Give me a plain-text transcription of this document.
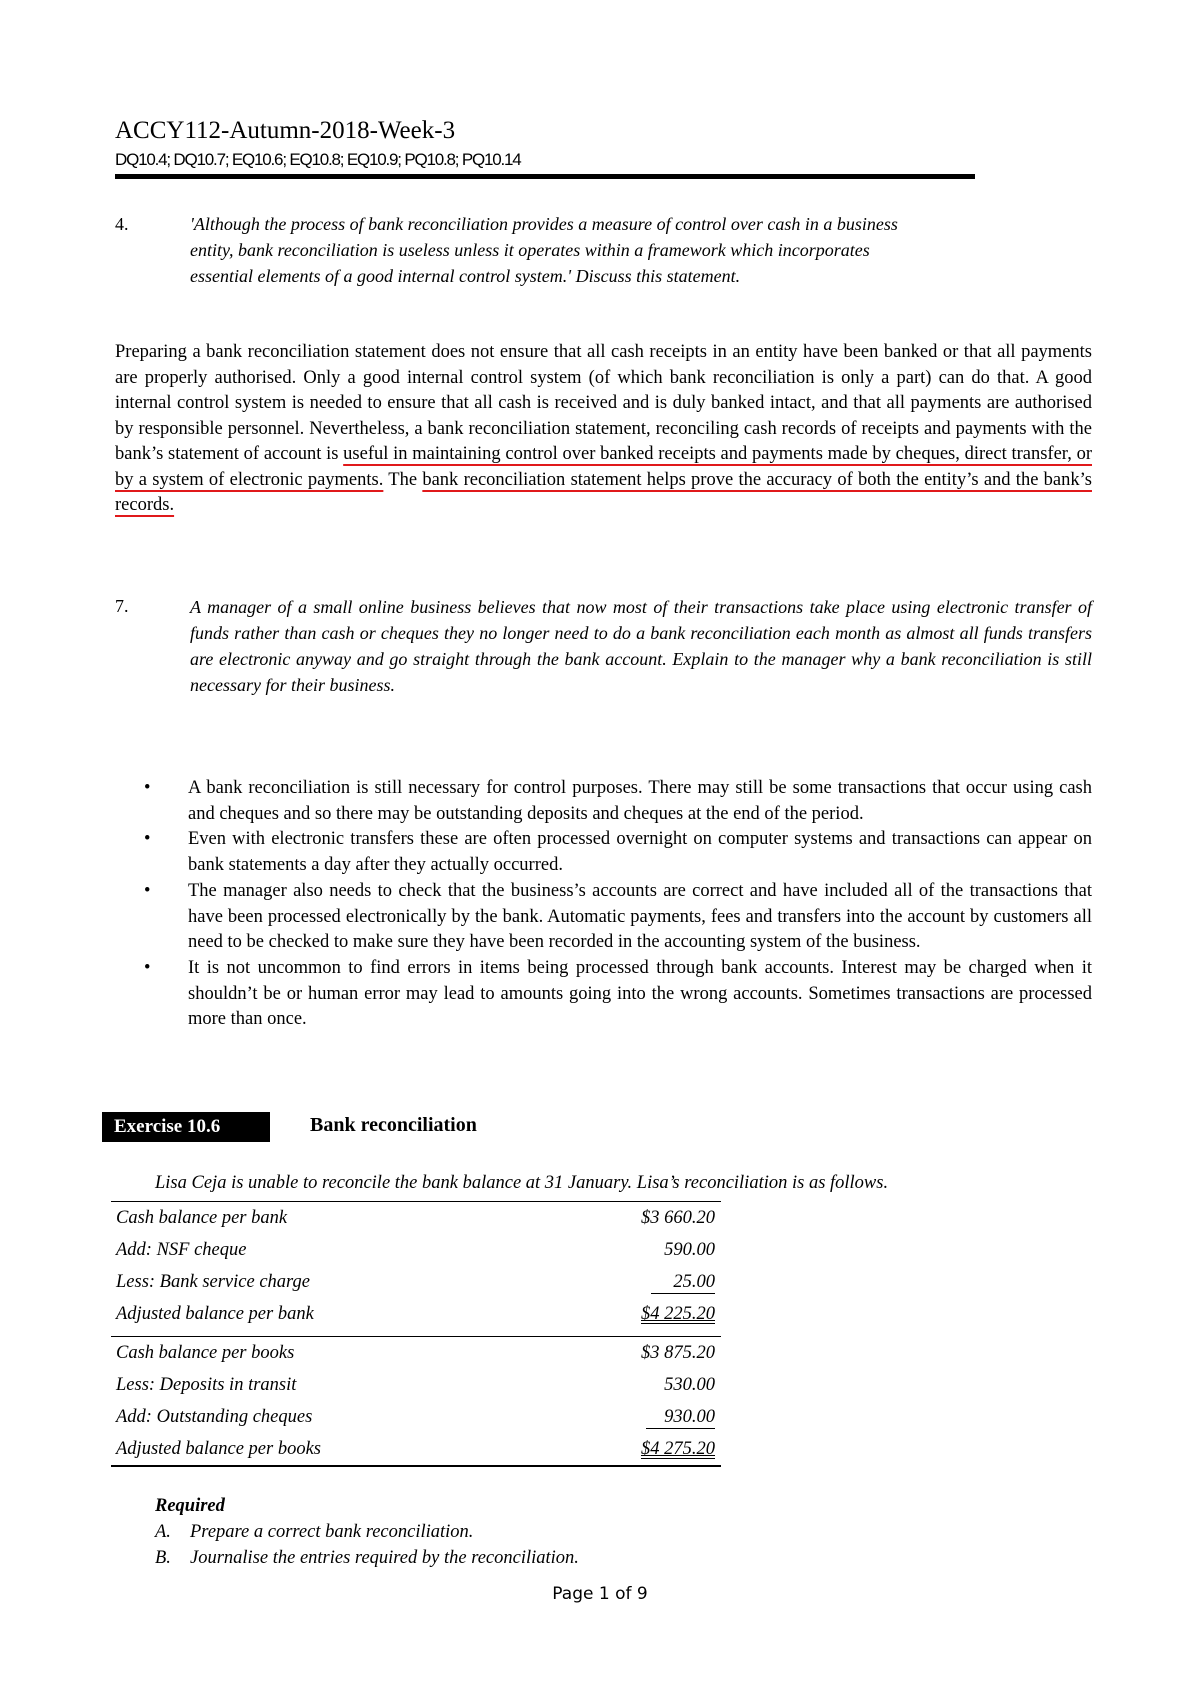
ACCY112-Autumn-2018-Week-3
DQ10.4; DQ10.7; EQ10.6; EQ10.8; EQ10.9; PQ10.8; PQ10.14
4.	'Although the process of bank reconciliation provides a measure of control over cash in a business
entity, bank reconciliation is useless unless it operates within a framework which incorporates
essential elements of a good internal control system.' Discuss this statement.
Preparing a bank reconciliation statement does not ensure that all cash receipts in an entity have been banked or that all payments are properly authorised. Only a good internal control system (of which bank reconciliation is only a part) can do that. A good internal control system is needed to ensure that all cash is received and is duly banked intact, and that all payments are authorised by responsible personnel. Nevertheless, a bank reconciliation statement, reconciling cash records of receipts and payments with the bank’s statement of account is useful in maintaining control over banked receipts and payments made by cheques, direct transfer, or by a system of electronic payments. The bank reconciliation statement helps prove the accuracy of both the entity’s and the bank’s records.
7.	A manager of a small online business believes that now most of their transactions take place using electronic transfer of funds rather than cash or cheques they no longer need to do a bank reconciliation each month as almost all funds transfers are electronic anyway and go straight through the bank account. Explain to the manager why a bank reconciliation is still necessary for their business.
• A bank reconciliation is still necessary for control purposes. There may still be some transactions that occur using cash and cheques and so there may be outstanding deposits and cheques at the end of the period.
• Even with electronic transfers these are often processed overnight on computer systems and transactions can appear on bank statements a day after they actually occurred.
• The manager also needs to check that the business’s accounts are correct and have included all of the transactions that have been processed electronically by the bank. Automatic payments, fees and transfers into the account by customers all need to be checked to make sure they have been recorded in the accounting system of the business.
• It is not uncommon to find errors in items being processed through bank accounts. Interest may be charged when it shouldn’t be or human error may lead to amounts going into the wrong accounts. Sometimes transactions are processed more than once.
Exercise 10.6	Bank reconciliation
Lisa Ceja is unable to reconcile the bank balance at 31 January. Lisa’s reconciliation is as follows.
Cash balance per bank	$3 660.20
Add: NSF cheque	590.00
Less: Bank service charge	25.00
Adjusted balance per bank	$4 225.20
Cash balance per books	$3 875.20
Less: Deposits in transit	530.00
Add: Outstanding cheques	930.00
Adjusted balance per books	$4 275.20
Required
A. Prepare a correct bank reconciliation.
B. Journalise the entries required by the reconciliation.
Page 1 of 9
